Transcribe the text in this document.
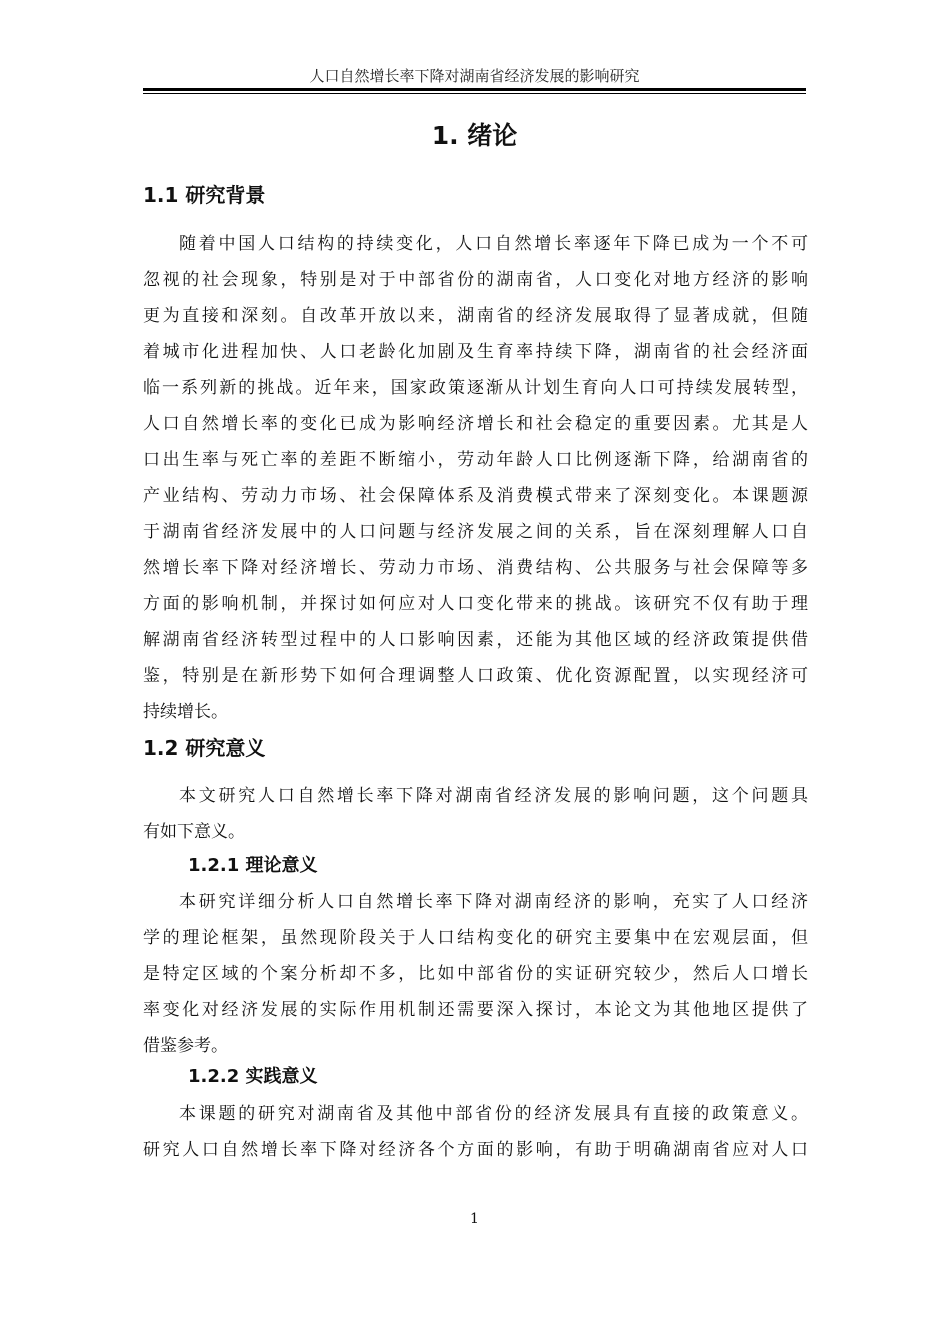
人口自然增长率下降对湖南省经济发展的影响研究
1. 绪论
1.1 研究背景
随着中国人口结构的持续变化，人口自然增长率逐年下降已成为一个不可
忽视的社会现象，特别是对于中部省份的湖南省，人口变化对地方经济的影响
更为直接和深刻。自改革开放以来，湖南省的经济发展取得了显著成就，但随
着城市化进程加快、人口老龄化加剧及生育率持续下降，湖南省的社会经济面
临一系列新的挑战。近年来，国家政策逐渐从计划生育向人口可持续发展转型，
人口自然增长率的变化已成为影响经济增长和社会稳定的重要因素。尤其是人
口出生率与死亡率的差距不断缩小，劳动年龄人口比例逐渐下降，给湖南省的
产业结构、劳动力市场、社会保障体系及消费模式带来了深刻变化。本课题源
于湖南省经济发展中的人口问题与经济发展之间的关系，旨在深刻理解人口自
然增长率下降对经济增长、劳动力市场、消费结构、公共服务与社会保障等多
方面的影响机制，并探讨如何应对人口变化带来的挑战。该研究不仅有助于理
解湖南省经济转型过程中的人口影响因素，还能为其他区域的经济政策提供借
鉴，特别是在新形势下如何合理调整人口政策、优化资源配置，以实现经济可
持续增长。
1.2 研究意义
本文研究人口自然增长率下降对湖南省经济发展的影响问题，这个问题具
有如下意义。
1.2.1 理论意义
本研究详细分析人口自然增长率下降对湖南经济的影响，充实了人口经济
学的理论框架，虽然现阶段关于人口结构变化的研究主要集中在宏观层面，但
是特定区域的个案分析却不多，比如中部省份的实证研究较少，然后人口增长
率变化对经济发展的实际作用机制还需要深入探讨，本论文为其他地区提供了
借鉴参考。
1.2.2 实践意义
本课题的研究对湖南省及其他中部省份的经济发展具有直接的政策意义。
研究人口自然增长率下降对经济各个方面的影响，有助于明确湖南省应对人口
1
